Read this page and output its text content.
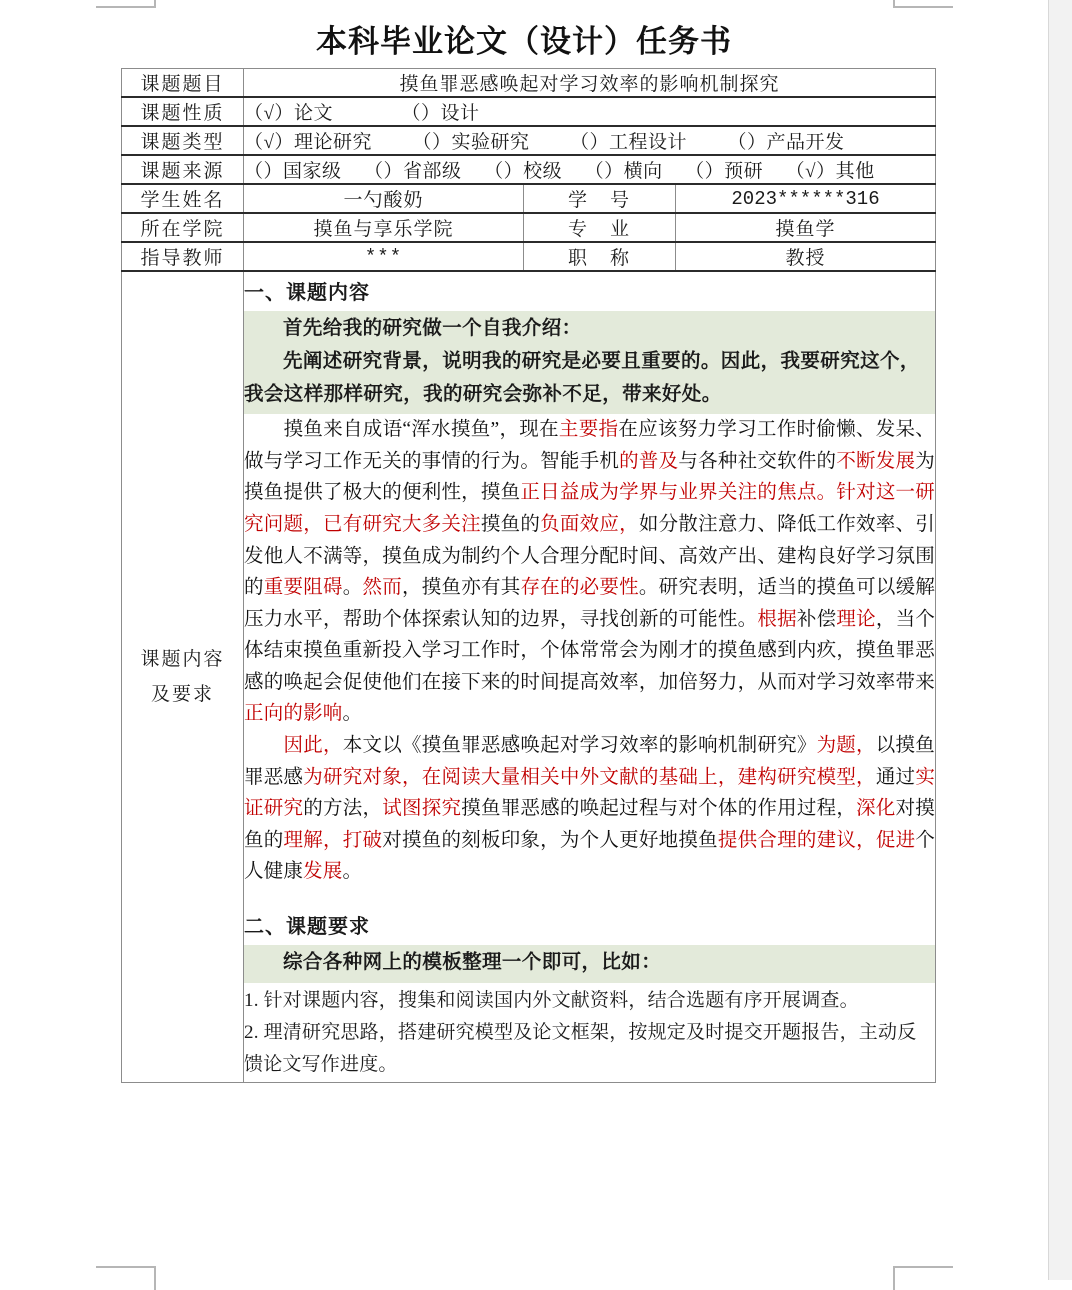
本科毕业论文（设计）任务书
课题题目	摸鱼罪恶感唤起对学习效率的影响机制探究		
课题性质	（√）论文 （）设计		
课题类型	（√）理论研究 （）实验研究 （）工程设计 （）产品开发		
课题来源	（）国家级 （）省部级 （）校级 （）横向 （）预研 （√）其他		
学生姓名	一勺酸奶	学　号	2023******316
所在学院	摸鱼与享乐学院	专　业	摸鱼学
指导教师	***	职　称	教授

课题内容
及要求

一、课题内容

首先给我的研究做一个自我介绍：

先阐述研究背景，说明我的研究是必要且重要的。因此，我要研究这个，我会这样那样研究，我的研究会弥补不足，带来好处。

　　摸鱼来自成语“浑水摸鱼”，现在主要指在应该努力学习工作时偷懒、发呆、做与学习工作无关的事情的行为。智能手机的普及与各种社交软件的不断发展为摸鱼提供了极大的便利性，摸鱼正日益成为学界与业界关注的焦点。针对这一研究问题，已有研究大多关注摸鱼的负面效应，如分散注意力、降低工作效率、引发他人不满等，摸鱼成为制约个人合理分配时间、高效产出、建构良好学习氛围的重要阻碍。然而，摸鱼亦有其存在的必要性。研究表明，适当的摸鱼可以缓解压力水平，帮助个体探索认知的边界，寻找创新的可能性。根据补偿理论，当个体结束摸鱼重新投入学习工作时，个体常常会为刚才的摸鱼感到内疚，摸鱼罪恶感的唤起会促使他们在接下来的时间提高效率，加倍努力，从而对学习效率带来正向的影响。

　　因此，本文以《摸鱼罪恶感唤起对学习效率的影响机制研究》为题，以摸鱼罪恶感为研究对象，在阅读大量相关中外文献的基础上，建构研究模型，通过实证研究的方法，试图探究摸鱼罪恶感的唤起过程与对个体的作用过程，深化对摸鱼的理解，打破对摸鱼的刻板印象，为个人更好地摸鱼提供合理的建议，促进个人健康发展。

二、课题要求
综合各种网上的模板整理一个即可，比如：
1. 针对课题内容，搜集和阅读国内外文献资料，结合选题有序开展调查。
2. 理清研究思路，搭建研究模型及论文框架，按规定及时提交开题报告，主动反馈论文写作进度。
